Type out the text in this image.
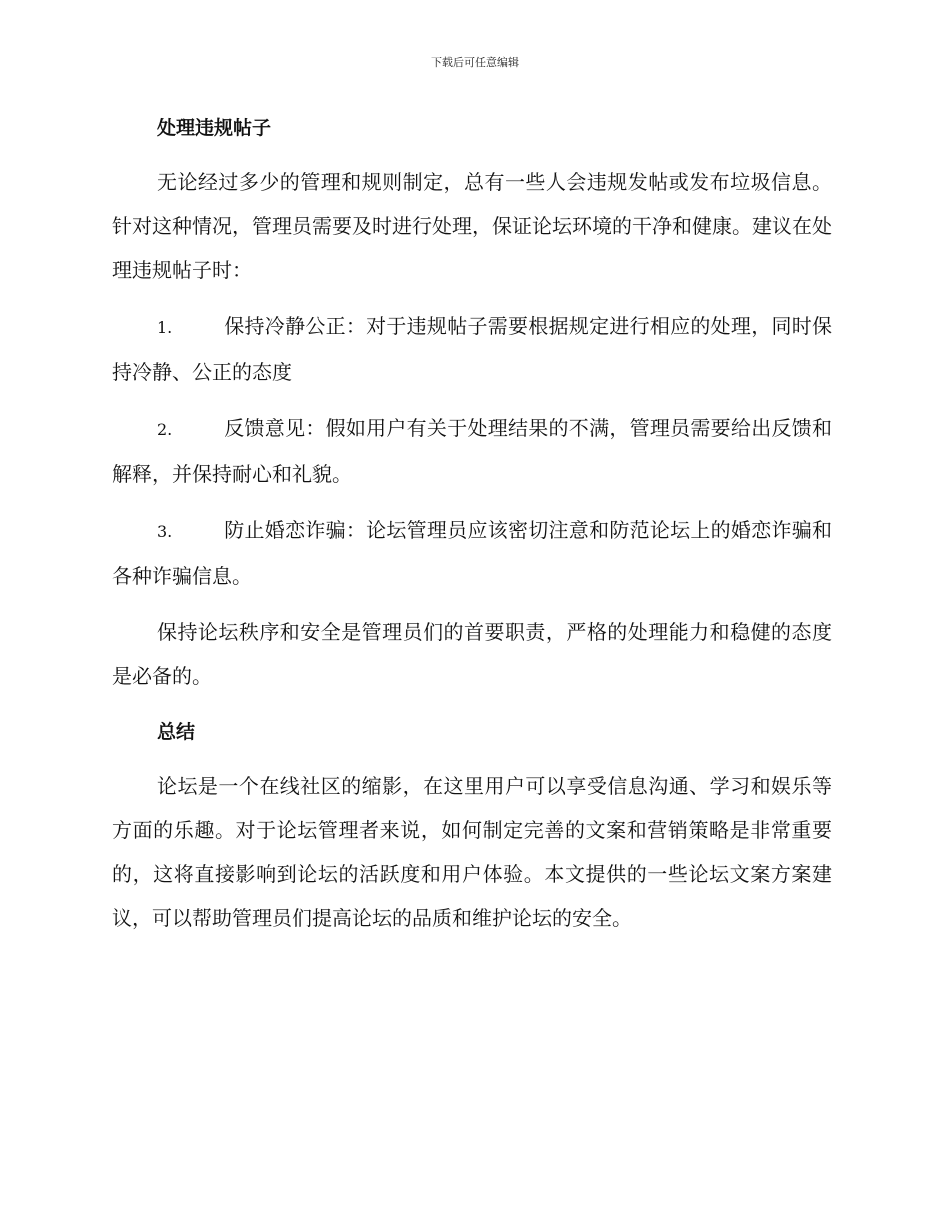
下载后可任意编辑
处理违规帖子

无论经过多少的管理和规则制定，总有一些人会违规发帖或发布垃圾信息。针对这种情况，管理员需要及时进行处理，保证论坛环境的干净和健康。建议在处理违规帖子时：

1.	保持冷静公正：对于违规帖子需要根据规定进行相应的处理，同时保持冷静、公正的态度

2.	反馈意见：假如用户有关于处理结果的不满，管理员需要给出反馈和解释，并保持耐心和礼貌。

3.	防止婚恋诈骗：论坛管理员应该密切注意和防范论坛上的婚恋诈骗和各种诈骗信息。

保持论坛秩序和安全是管理员们的首要职责，严格的处理能力和稳健的态度是必备的。

总结

论坛是一个在线社区的缩影，在这里用户可以享受信息沟通、学习和娱乐等方面的乐趣。对于论坛管理者来说，如何制定完善的文案和营销策略是非常重要的，这将直接影响到论坛的活跃度和用户体验。本文提供的一些论坛文案方案建议，可以帮助管理员们提高论坛的品质和维护论坛的安全。
